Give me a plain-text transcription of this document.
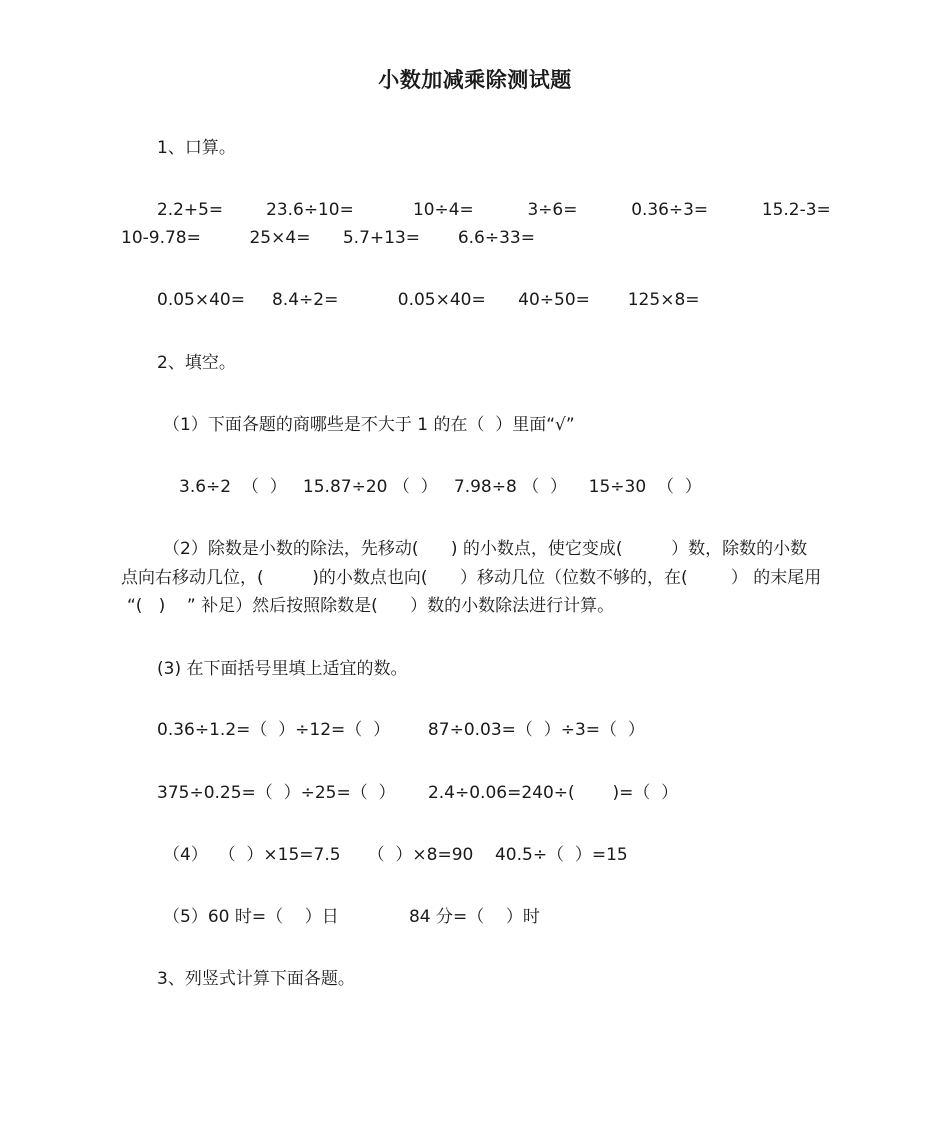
小数加减乘除测试题
1、口算。
2.2+5=        23.6÷10=           10÷4=          3÷6=          0.36÷3=          15.2-3=
10-9.78=         25×4=      5.7+13=       6.6÷33=
0.05×40=     8.4÷2=           0.05×40=      40÷50=       125×8=
2、填空。
（1）下面各题的商哪些是不大于 1 的在（  ）里面“√”
3.6÷2  （  ）   15.87÷20 （  ）   7.98÷8 （  ）    15÷30  （  ）
（2）除数是小数的除法，先移动(      ) 的小数点，使它变成(         ）数，除数的小数
点向右移动几位，(         )的小数点也向(      ）移动几位（位数不够的，在(        ） 的末尾用
“(   )    ” 补足）然后按照除数是(      ）数的小数除法进行计算。
(3) 在下面括号里填上适宜的数。
0.36÷1.2=（  ）÷12=（  ）       87÷0.03=（  ）÷3=（  ）
375÷0.25=（  ）÷25=（  ）      2.4÷0.06=240÷(       )=（  ）
（4）  （  ）×15=7.5     （  ）×8=90    40.5÷（  ）=15
（5）60 时=（    ）日             84 分=（    ）时
3、列竖式计算下面各题。
